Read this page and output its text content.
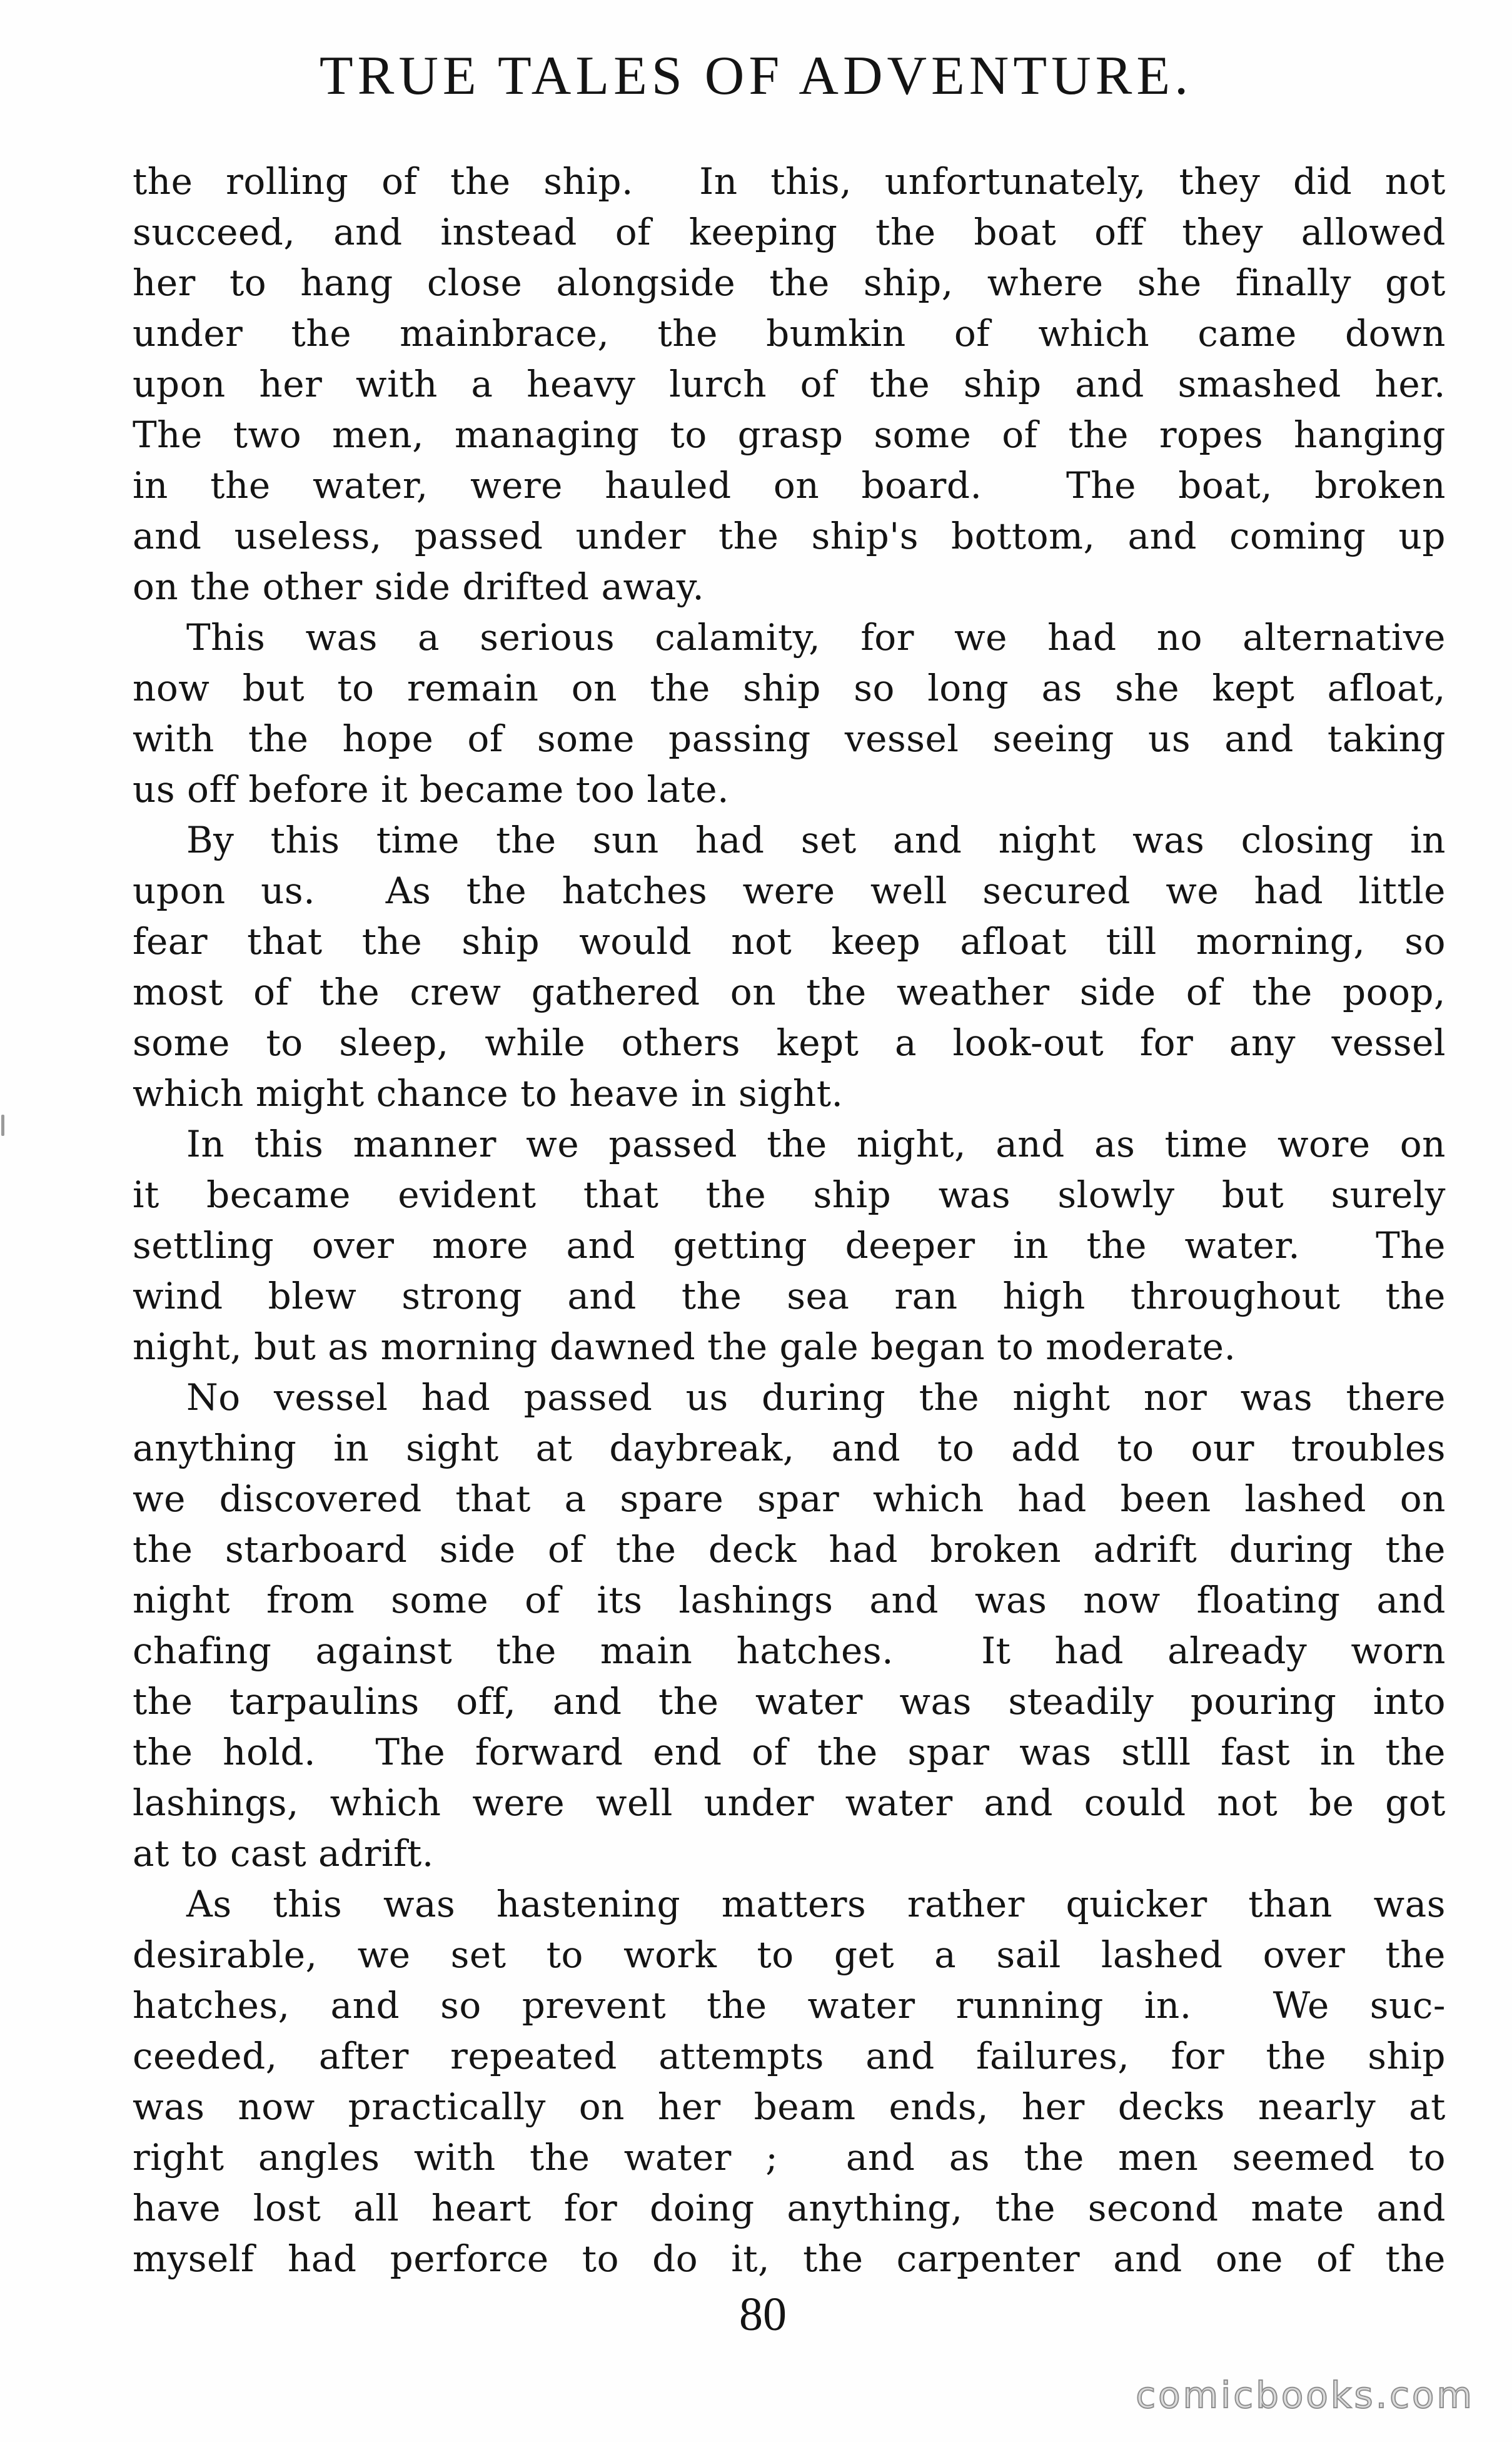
TRUE TALES OF ADVENTURE.
the rolling of the ship.  In this, unfortunately, they did not
succeed, and instead of keeping the boat off they allowed
her to hang close alongside the ship, where she finally got
under the mainbrace, the bumkin of which came down
upon her with a heavy lurch of the ship and smashed her.
The two men, managing to grasp some of the ropes hanging
in the water, were hauled on board.  The boat, broken
and useless, passed under the ship's bottom, and coming up
on the other side drifted away.
This was a serious calamity, for we had no alternative
now but to remain on the ship so long as she kept afloat,
with the hope of some passing vessel seeing us and taking
us off before it became too late.
By this time the sun had set and night was closing in
upon us.  As the hatches were well secured we had little
fear that the ship would not keep afloat till morning, so
most of the crew gathered on the weather side of the poop,
some to sleep, while others kept a look-out for any vessel
which might chance to heave in sight.
In this manner we passed the night, and as time wore on
it became evident that the ship was slowly but surely
settling over more and getting deeper in the water.  The
wind blew strong and the sea ran high throughout the
night, but as morning dawned the gale began to moderate.
No vessel had passed us during the night nor was there
anything in sight at daybreak, and to add to our troubles
we discovered that a spare spar which had been lashed on
the starboard side of the deck had broken adrift during the
night from some of its lashings and was now floating and
chafing against the main hatches.  It had already worn
the tarpaulins off, and the water was steadily pouring into
the hold.  The forward end of the spar was stlll fast in the
lashings, which were well under water and could not be got
at to cast adrift.
As this was hastening matters rather quicker than was
desirable, we set to work to get a sail lashed over the
hatches, and so prevent the water running in.  We suc-
ceeded, after repeated attempts and failures, for the ship
was now practically on her beam ends, her decks nearly at
right angles with the water ;  and as the men seemed to
have lost all heart for doing anything, the second mate and
myself had perforce to do it, the carpenter and one of the
80
comicbooks.com
